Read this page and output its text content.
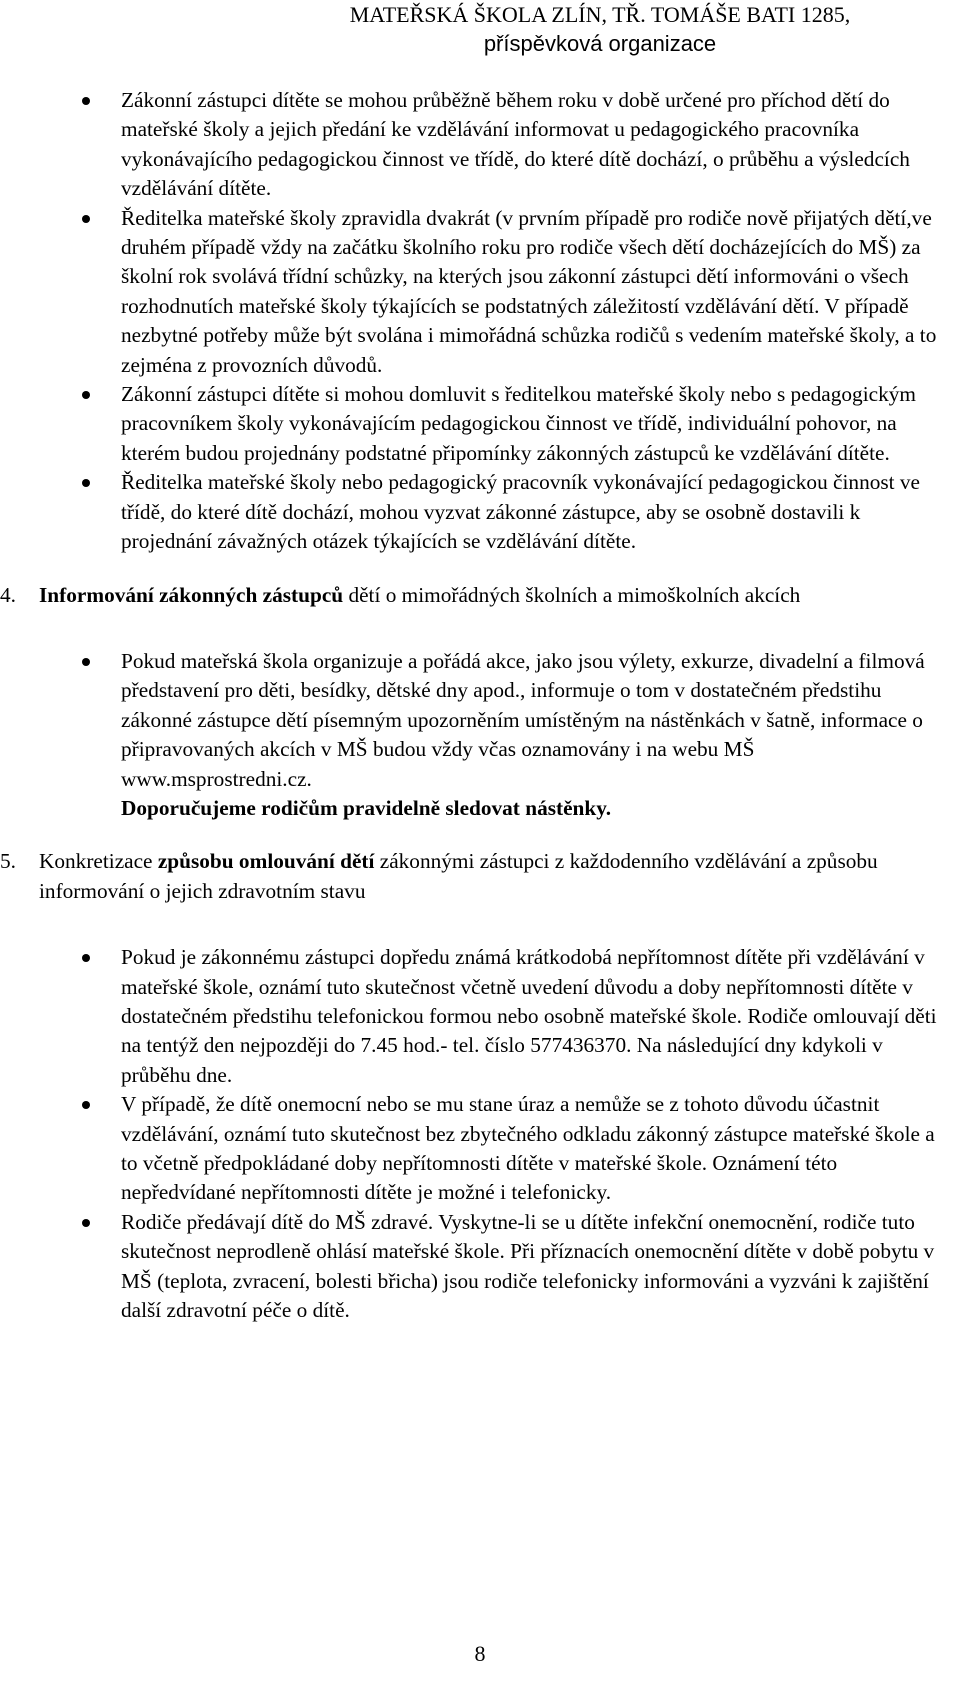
MATEŘSKÁ ŠKOLA ZLÍN, TŘ. TOMÁŠE BATI 1285,
příspěvková organizace
Zákonní zástupci dítěte se mohou průběžně během roku v době určené pro příchod dětí do mateřské školy a jejich předání ke vzdělávání informovat u pedagogického pracovníka vykonávajícího pedagogickou činnost ve třídě, do které dítě dochází, o průběhu a výsledcích vzdělávání dítěte.
Ředitelka mateřské školy zpravidla dvakrát (v prvním případě pro rodiče nově přijatých dětí,ve druhém případě vždy na začátku školního roku pro rodiče všech dětí docházejících do MŠ) za školní rok svolává třídní schůzky, na kterých jsou zákonní zástupci dětí informováni o všech rozhodnutích mateřské školy týkajících se podstatných záležitostí vzdělávání dětí. V případě nezbytné potřeby může být svolána i mimořádná schůzka rodičů s vedením mateřské školy, a to zejména z provozních důvodů.
Zákonní zástupci dítěte si mohou domluvit s ředitelkou mateřské školy nebo s pedagogickým pracovníkem školy vykonávajícím pedagogickou činnost ve třídě, individuální pohovor, na kterém budou projednány podstatné připomínky zákonných zástupců ke vzdělávání dítěte.
Ředitelka mateřské školy nebo pedagogický pracovník vykonávající pedagogickou činnost ve třídě, do které dítě dochází, mohou vyzvat zákonné zástupce, aby se osobně dostavili k projednání závažných otázek týkajících se vzdělávání dítěte.
4. Informování zákonných zástupců dětí o mimořádných školních a mimoškolních akcích
Pokud mateřská škola organizuje a pořádá akce, jako jsou výlety, exkurze, divadelní a filmová představení pro děti, besídky, dětské dny apod., informuje o tom v dostatečném předstihu zákonné zástupce dětí písemným upozorněním umístěným na nástěnkách v šatně, informace o připravovaných akcích v MŠ budou vždy včas oznamovány i na webu MŠ www.msprostredni.cz.
Doporučujeme rodičům pravidelně sledovat nástěnky.
5. Konkretizace způsobu omlouvání dětí zákonnými zástupci z každodenního vzdělávání a způsobu informování o jejich zdravotním stavu
Pokud je zákonnému zástupci dopředu známá krátkodobá nepřítomnost dítěte při vzdělávání v mateřské škole, oznámí tuto skutečnost včetně uvedení důvodu a doby nepřítomnosti dítěte v dostatečném předstihu telefonickou formou nebo osobně mateřské škole. Rodiče omlouvají děti na tentýž den nejpozději do 7.45 hod.- tel. číslo 577436370. Na následující dny kdykoli v průběhu dne.
V případě, že dítě onemocní nebo se mu stane úraz a nemůže se z tohoto důvodu účastnit vzdělávání, oznámí tuto skutečnost bez zbytečného odkladu zákonný zástupce mateřské škole a to včetně předpokládané doby nepřítomnosti dítěte v mateřské škole. Oznámení této nepředvídané nepřítomnosti dítěte je možné i telefonicky.
Rodiče předávají dítě do MŠ zdravé. Vyskytne-li se u dítěte infekční onemocnění, rodiče tuto skutečnost neprodleně ohlásí mateřské škole. Při příznacích onemocnění dítěte v době pobytu v MŠ (teplota, zvracení, bolesti břicha) jsou rodiče telefonicky informováni a vyzváni k zajištění další zdravotní péče o dítě.
8
